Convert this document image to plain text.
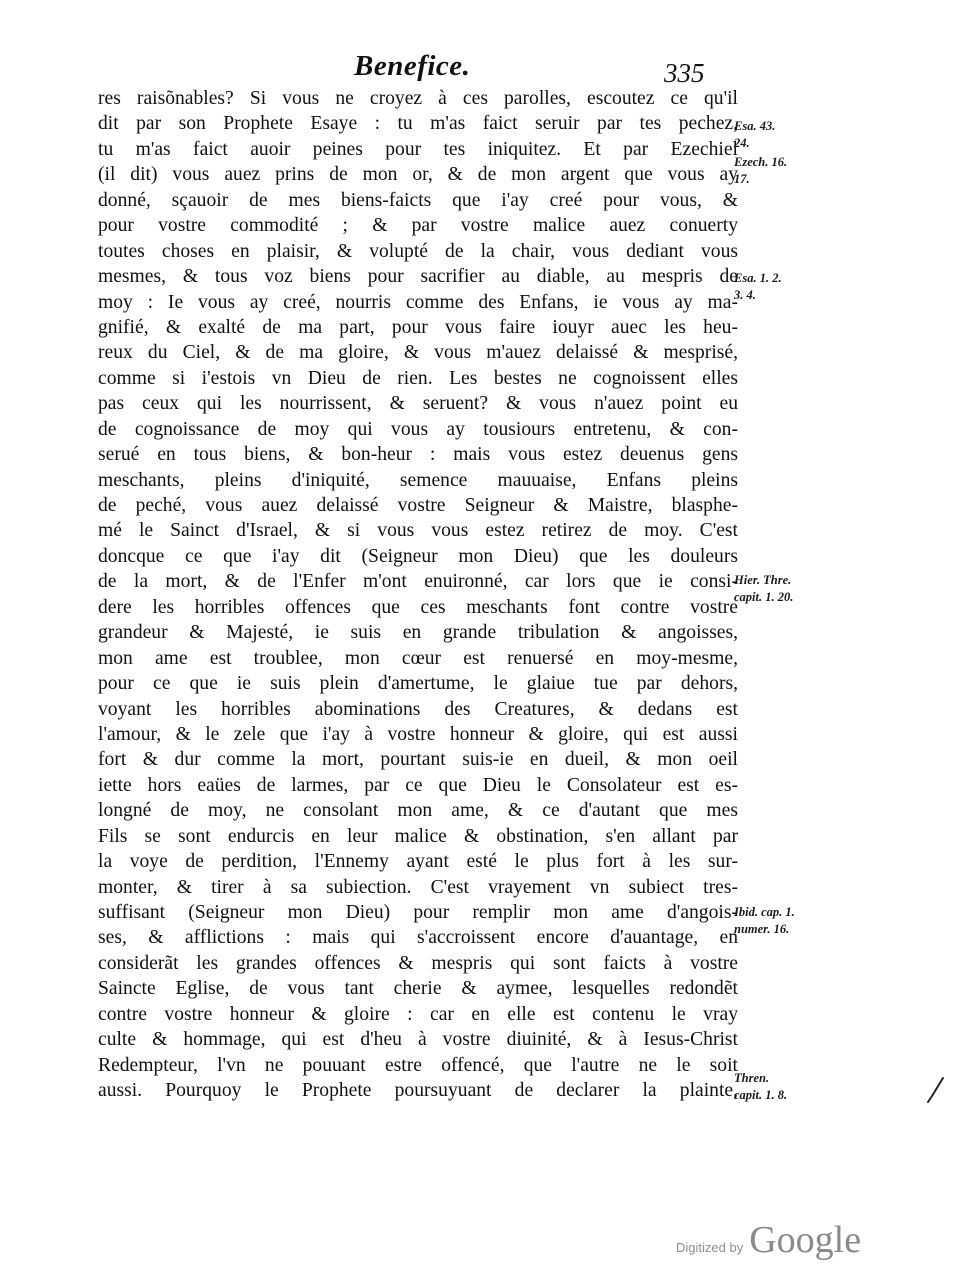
Benefice.	335
res raisõnables? Si vous ne croyez à ces parolles, escoutez ce qu'il
dit par son Prophete Esaye : tu m'as faict seruir par tes pechez,
tu m'as faict auoir peines pour tes iniquitez. Et par Ezechiel
(il dit) vous auez prins de mon or, & de mon argent que vous ay
donné, sçauoir de mes biens-faicts que i'ay creé pour vous, &
pour vostre commodité ; & par vostre malice auez conuerty
toutes choses en plaisir, & volupté de la chair, vous dediant vous
mesmes, & tous voz biens pour sacrifier au diable, au mespris de
moy : Ie vous ay creé, nourris comme des Enfans, ie vous ay ma-
gnifié, & exalté de ma part, pour vous faire iouyr auec les heu-
reux du Ciel, & de ma gloire, & vous m'auez delaissé & mesprisé,
comme si i'estois vn Dieu de rien. Les bestes ne cognoissent elles
pas ceux qui les nourrissent, & seruent? & vous n'auez point eu
de cognoissance de moy qui vous ay tousiours entretenu, & con-
serué en tous biens, & bon-heur : mais vous estez deuenus gens
meschants, pleins d'iniquité, semence mauuaise, Enfans pleins
de peché, vous auez delaissé vostre Seigneur & Maistre, blasphe-
mé le Sainct d'Israel, & si vous vous estez retirez de moy. C'est
doncque ce que i'ay dit (Seigneur mon Dieu) que les douleurs
de la mort, & de l'Enfer m'ont enuironné, car lors que ie consi-
dere les horribles offences que ces meschants font contre vostre
grandeur & Majesté, ie suis en grande tribulation & angoisses,
mon ame est troublee, mon cœur est renuersé en moy-mesme,
pour ce que ie suis plein d'amertume, le glaiue tue par dehors,
voyant les horribles abominations des Creatures, & dedans est
l'amour, & le zele que i'ay à vostre honneur & gloire, qui est aussi
fort & dur comme la mort, pourtant suis-ie en dueil, & mon oeil
iette hors eaües de larmes, par ce que Dieu le Consolateur est es-
longné de moy, ne consolant mon ame, & ce d'autant que mes
Fils se sont endurcis en leur malice & obstination, s'en allant par
la voye de perdition, l'Ennemy ayant esté le plus fort à les sur-
monter, & tirer à sa subiection. C'est vrayement vn subiect tres-
suffisant (Seigneur mon Dieu) pour remplir mon ame d'angois-
ses, & afflictions : mais qui s'accroissent encore d'auantage, en
considerãt les grandes offences & mespris qui sont faicts à vostre
Saincte Eglise, de vous tant cherie & aymee, lesquelles redondẽt
contre vostre honneur & gloire : car en elle est contenu le vray
culte & hommage, qui est d'heu à vostre diuinité, & à Iesus-Christ
Redempteur, l'vn ne pouuant estre offencé, que l'autre ne le soit
aussi. Pourquoy le Prophete poursuyuant de declarer la plainte,
Esa. 43.
24.
Ezech. 16.
17.
Esa. 1. 2.
3. 4.
Hier. Thre.
capit. 1. 20.
Ibid. cap. 1.
numer. 16.
Thren.
capit. 1. 8.
Digitized by Google
